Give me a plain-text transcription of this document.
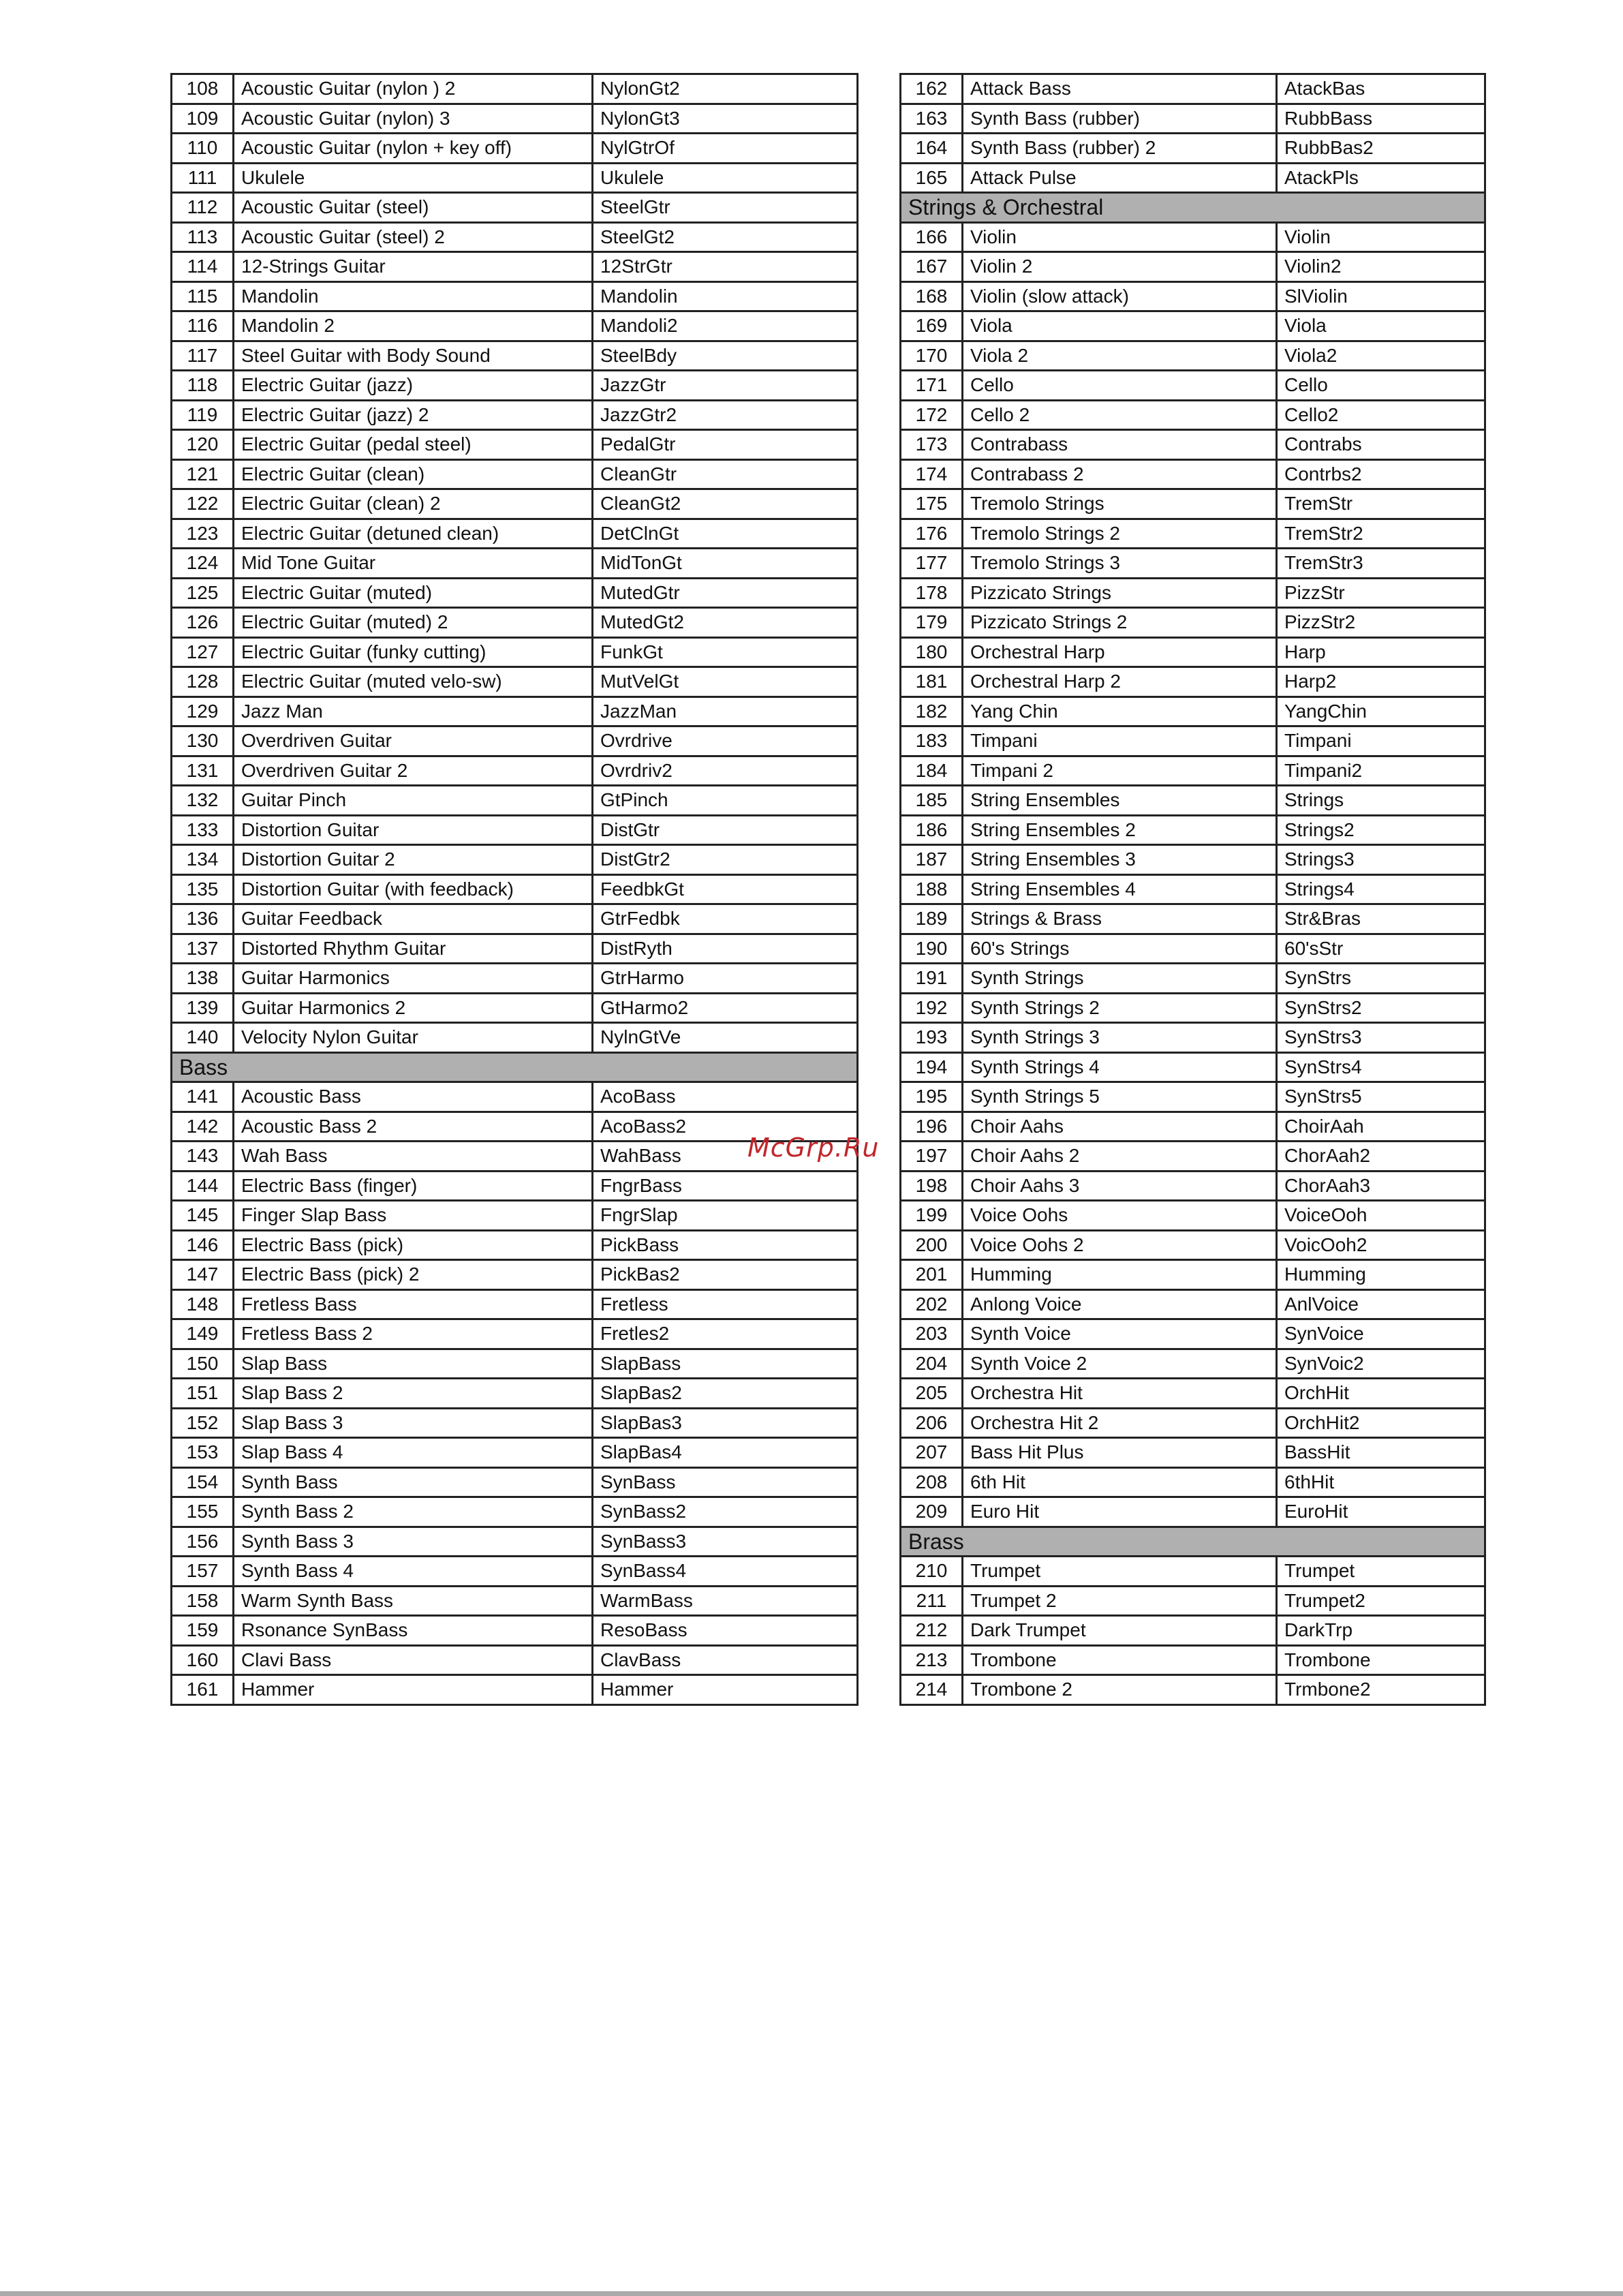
108	Acoustic Guitar (nylon ) 2	NylonGt2
109	Acoustic Guitar (nylon) 3	NylonGt3
110	Acoustic Guitar (nylon + key off)	NylGtrOf
111	Ukulele	Ukulele
112	Acoustic Guitar (steel)	SteelGtr
113	Acoustic Guitar (steel) 2	SteelGt2
114	12-Strings Guitar	12StrGtr
115	Mandolin	Mandolin
116	Mandolin 2	Mandoli2
117	Steel Guitar with Body Sound	SteelBdy
118	Electric Guitar (jazz)	JazzGtr
119	Electric Guitar (jazz) 2	JazzGtr2
120	Electric Guitar (pedal steel)	PedalGtr
121	Electric Guitar (clean)	CleanGtr
122	Electric Guitar (clean) 2	CleanGt2
123	Electric Guitar (detuned clean)	DetClnGt
124	Mid Tone Guitar	MidTonGt
125	Electric Guitar (muted)	MutedGtr
126	Electric Guitar (muted) 2	MutedGt2
127	Electric Guitar (funky cutting)	FunkGt
128	Electric Guitar (muted velo-sw)	MutVelGt
129	Jazz Man	JazzMan
130	Overdriven Guitar	Ovrdrive
131	Overdriven Guitar 2	Ovrdriv2
132	Guitar Pinch	GtPinch
133	Distortion Guitar	DistGtr
134	Distortion Guitar 2	DistGtr2
135	Distortion Guitar (with feedback)	FeedbkGt
136	Guitar Feedback	GtrFedbk
137	Distorted Rhythm Guitar	DistRyth
138	Guitar Harmonics	GtrHarmo
139	Guitar Harmonics 2	GtHarmo2
140	Velocity Nylon Guitar	NylnGtVe
Bass		
141	Acoustic Bass	AcoBass
142	Acoustic Bass 2	AcoBass2
143	Wah Bass	WahBass
144	Electric Bass (finger)	FngrBass
145	Finger Slap Bass	FngrSlap
146	Electric Bass (pick)	PickBass
147	Electric Bass (pick) 2	PickBas2
148	Fretless Bass	Fretless
149	Fretless Bass 2	Fretles2
150	Slap Bass	SlapBass
151	Slap Bass 2	SlapBas2
152	Slap Bass 3	SlapBas3
153	Slap Bass 4	SlapBas4
154	Synth Bass	SynBass
155	Synth Bass 2	SynBass2
156	Synth Bass 3	SynBass3
157	Synth Bass 4	SynBass4
158	Warm Synth Bass	WarmBass
159	Rsonance SynBass	ResoBass
160	Clavi Bass	ClavBass
161	Hammer	Hammer
162	Attack Bass	AtackBas
163	Synth Bass (rubber)	RubbBass
164	Synth Bass (rubber) 2	RubbBas2
165	Attack Pulse	AtackPls
Strings & Orchestral		
166	Violin	Violin
167	Violin 2	Violin2
168	Violin (slow attack)	SlViolin
169	Viola	Viola
170	Viola 2	Viola2
171	Cello	Cello
172	Cello 2	Cello2
173	Contrabass	Contrabs
174	Contrabass 2	Contrbs2
175	Tremolo Strings	TremStr
176	Tremolo Strings 2	TremStr2
177	Tremolo Strings 3	TremStr3
178	Pizzicato Strings	PizzStr
179	Pizzicato Strings 2	PizzStr2
180	Orchestral Harp	Harp
181	Orchestral Harp 2	Harp2
182	Yang Chin	YangChin
183	Timpani	Timpani
184	Timpani 2	Timpani2
185	String Ensembles	Strings
186	String Ensembles 2	Strings2
187	String Ensembles 3	Strings3
188	String Ensembles 4	Strings4
189	Strings & Brass	Str&Bras
190	60's Strings	60'sStr
191	Synth Strings	SynStrs
192	Synth Strings 2	SynStrs2
193	Synth Strings 3	SynStrs3
194	Synth Strings 4	SynStrs4
195	Synth Strings 5	SynStrs5
196	Choir Aahs	ChoirAah
197	Choir Aahs 2	ChorAah2
198	Choir Aahs 3	ChorAah3
199	Voice Oohs	VoiceOoh
200	Voice Oohs 2	VoicOoh2
201	Humming	Humming
202	Anlong Voice	AnlVoice
203	Synth Voice	SynVoice
204	Synth Voice 2	SynVoic2
205	Orchestra Hit	OrchHit
206	Orchestra Hit 2	OrchHit2
207	Bass Hit Plus	BassHit
208	6th Hit	6thHit
209	Euro Hit	EuroHit
Brass		
210	Trumpet	Trumpet
211	Trumpet 2	Trumpet2
212	Dark Trumpet	DarkTrp
213	Trombone	Trombone
214	Trombone 2	Trmbone2
McGrp.Ru
